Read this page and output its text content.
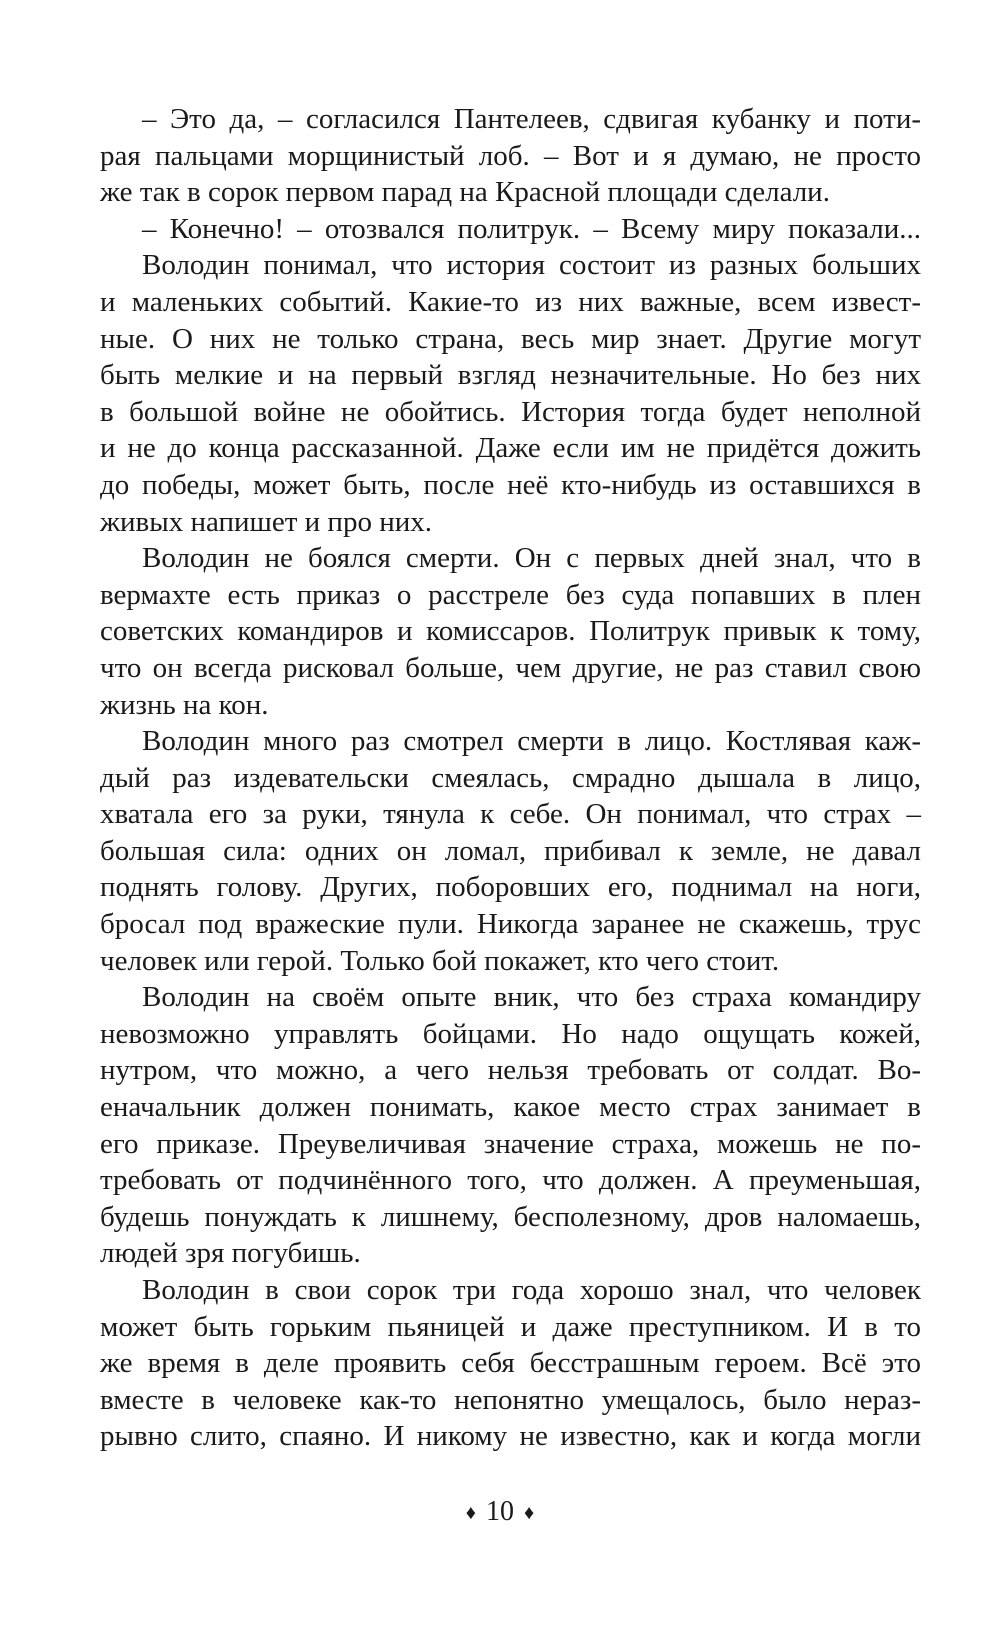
– Это да, – согласился Пантелеев, сдвигая кубанку и поти-
рая пальцами морщинистый лоб. – Вот и я думаю, не просто
же так в сорок первом парад на Красной площади сделали.
– Конечно! – отозвался политрук. – Всему миру показали...
Володин понимал, что история состоит из разных больших
и маленьких событий. Какие-то из них важные, всем извест-
ные. О них не только страна, весь мир знает. Другие могут
быть мелкие и на первый взгляд незначительные. Но без них
в большой войне не обойтись. История тогда будет неполной
и не до конца рассказанной. Даже если им не придётся дожить
до победы, может быть, после неё кто-нибудь из оставшихся в
живых напишет и про них.
Володин не боялся смерти. Он с первых дней знал, что в
вермахте есть приказ о расстреле без суда попавших в плен
советских командиров и комиссаров. Политрук привык к тому,
что он всегда рисковал больше, чем другие, не раз ставил свою
жизнь на кон.
Володин много раз смотрел смерти в лицо. Костлявая каж-
дый раз издевательски смеялась, смрадно дышала в лицо,
хватала его за руки, тянула к себе. Он понимал, что страх –
большая сила: одних он ломал, прибивал к земле, не давал
поднять голову. Других, поборовших его, поднимал на ноги,
бросал под вражеские пули. Никогда заранее не скажешь, трус
человек или герой. Только бой покажет, кто чего стоит.
Володин на своём опыте вник, что без страха командиру
невозможно управлять бойцами. Но надо ощущать кожей,
нутром, что можно, а чего нельзя требовать от солдат. Во-
еначальник должен понимать, какое место страх занимает в
его приказе. Преувеличивая значение страха, можешь не по-
требовать от подчинённого того, что должен. А преуменьшая,
будешь понуждать к лишнему, бесполезному, дров наломаешь,
людей зря погубишь.
Володин в свои сорок три года хорошо знал, что человек
может быть горьким пьяницей и даже преступником. И в то
же время в деле проявить себя бесстрашным героем. Всё это
вместе в человеке как-то непонятно умещалось, было нераз-
рывно слито, спаяно. И никому не известно, как и когда могли
♦ 10 ♦
